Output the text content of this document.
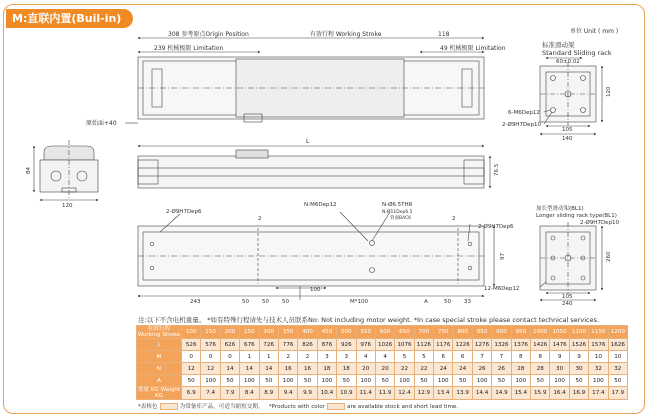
M:直联内置(Buil-in)
单位 Unit ( mm )
308 参考原点Origin Position	有效行程 Working Stroke	118
239 机械极限 Limitation	49 机械极限 Limitation
原始面+40
标准滑动架
Standard Sliding rack
60±0.02
120
6-M6Dep12
2-Ø9H7Dep10
105
140
84
120
L
76.5
2-Ø9H7Dep6
N-M6Dep12	N-Ø6.5THR
N-Ø11Dep6.5
背面BACK
2-Ø9H7Dep6
2	2
100
97
243	50 50 50	M*100	A	50 33
加长型滑动架(BL1)
Longer sliding rack type(BL1)
2-Ø9H7Dep10
12-M6Dep12
105
240
260
注:以下不含电机重量。 *如有特殊行程请先与技术人员联系No: Not including motor weight. *In case special stroke please contact technical services.
有效行程 Working Stroke	100	150	200	250	300	350	400	450	500	550	600	650	700	750	800	850	900	950	1000	1050	1100	1150	1200
L	526	576	626	676	726	776	826	876	926	976	1026	1076	1126	1176	1226	1276	1326	1376	1426	1476	1526	1576	1626
M	0	0	0	1	1	2	2	3	3	4	4	5	5	6	6	7	7	8	8	9	9	10	10
N	12	12	14	14	14	16	16	18	18	20	20	22	22	24	24	26	26	28	28	30	30	32	32
A	50	100	50	100	50	100	50	100	50	100	50	100	50	100	50	100	50	100	50	100	50	100	50
重量 KG Weight KG	6.9	7.4	7.9	8.4	8.9	9.4	9.9	10.4	10.9	11.4	11.9	12.4	12.9	13.4	13.9	14.4	14.9	15.4	15.9	16.4	16.9	17.4	17.9
*表格色	为常备库产品，可适当缩短交期。 *Products with color	are available stock and short lead time.
